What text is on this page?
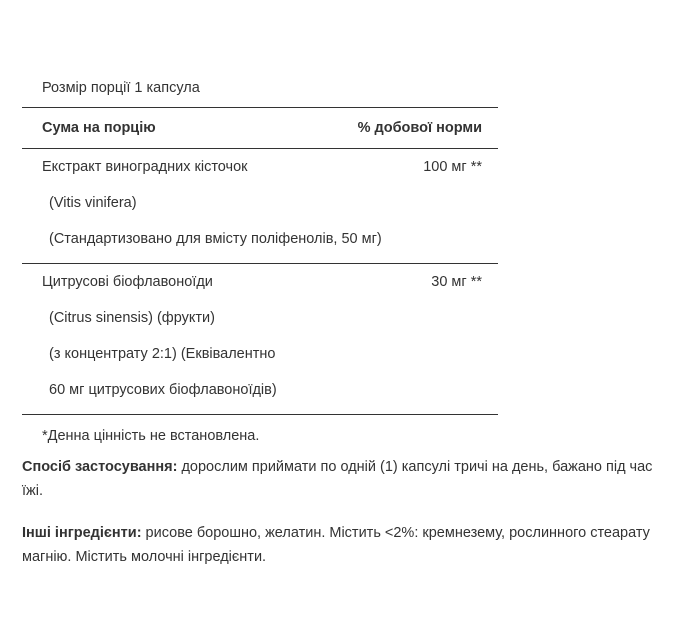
Розмір порції 1 капсула
Сума на порцію	% добової норми
Екстракт виноградних кісточок	100 мг **
(Vitis vinifera)
(Стандартизовано для вмісту поліфенолів, 50 мг)
Цитрусові біофлавоноїди	30 мг **
(Citrus sinensis) (фрукти)
(з концентрату 2:1) (Еквівалентно
60 мг цитрусових біофлавоноїдів)
*Денна цінність не встановлена.

Спосіб застосування: дорослим приймати по одній (1) капсулі тричі на день, бажано під час їжі.

Інші інгредієнти: рисове борошно, желатин. Містить <2%: кремнезему, рослинного стеарату магнію. Містить молочні інгредієнти.
